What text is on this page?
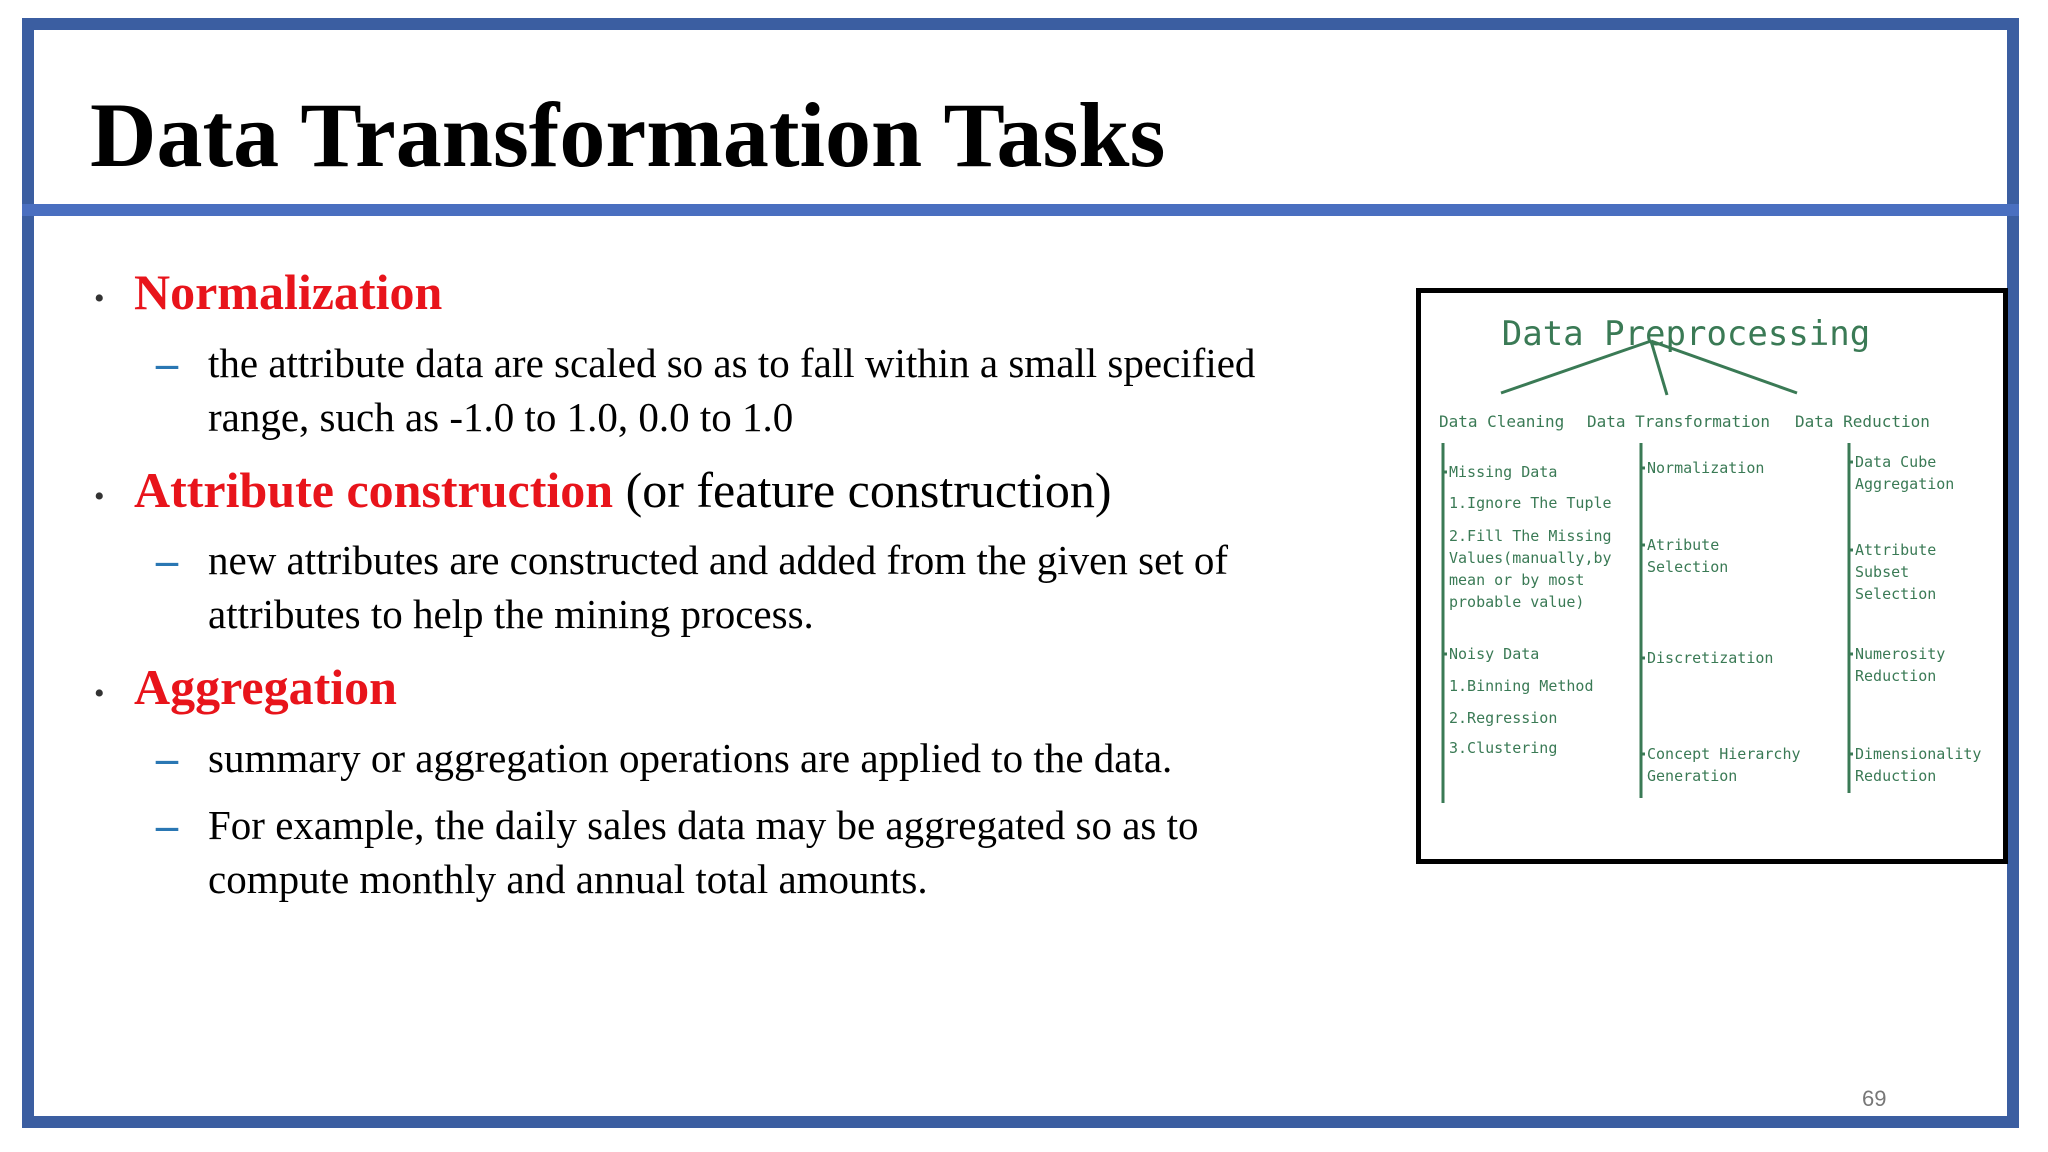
Data Transformation Tasks
• Normalization
– the attribute data are scaled so as to fall within a small specified range, such as -1.0 to 1.0, 0.0 to 1.0
• Attribute construction (or feature construction)
– new attributes are constructed and added from the given set of attributes to help the mining process.
• Aggregation
– summary or aggregation operations are applied to the data.
– For example, the daily sales data may be aggregated so as to compute monthly and annual total amounts.
Data Preprocessing
Data Cleaning Data Transformation Data Reduction
Missing Data
1.Ignore The Tuple
2.Fill The Missing
Values(manually,by
mean or by most
probable value)
Noisy Data
1.Binning Method
2.Regression
3.Clustering
Normalization
Atribute
Selection
Discretization
Concept Hierarchy
Generation
Data Cube
Aggregation
Attribute
Subset
Selection
Numerosity
Reduction
Dimensionality
Reduction
69
